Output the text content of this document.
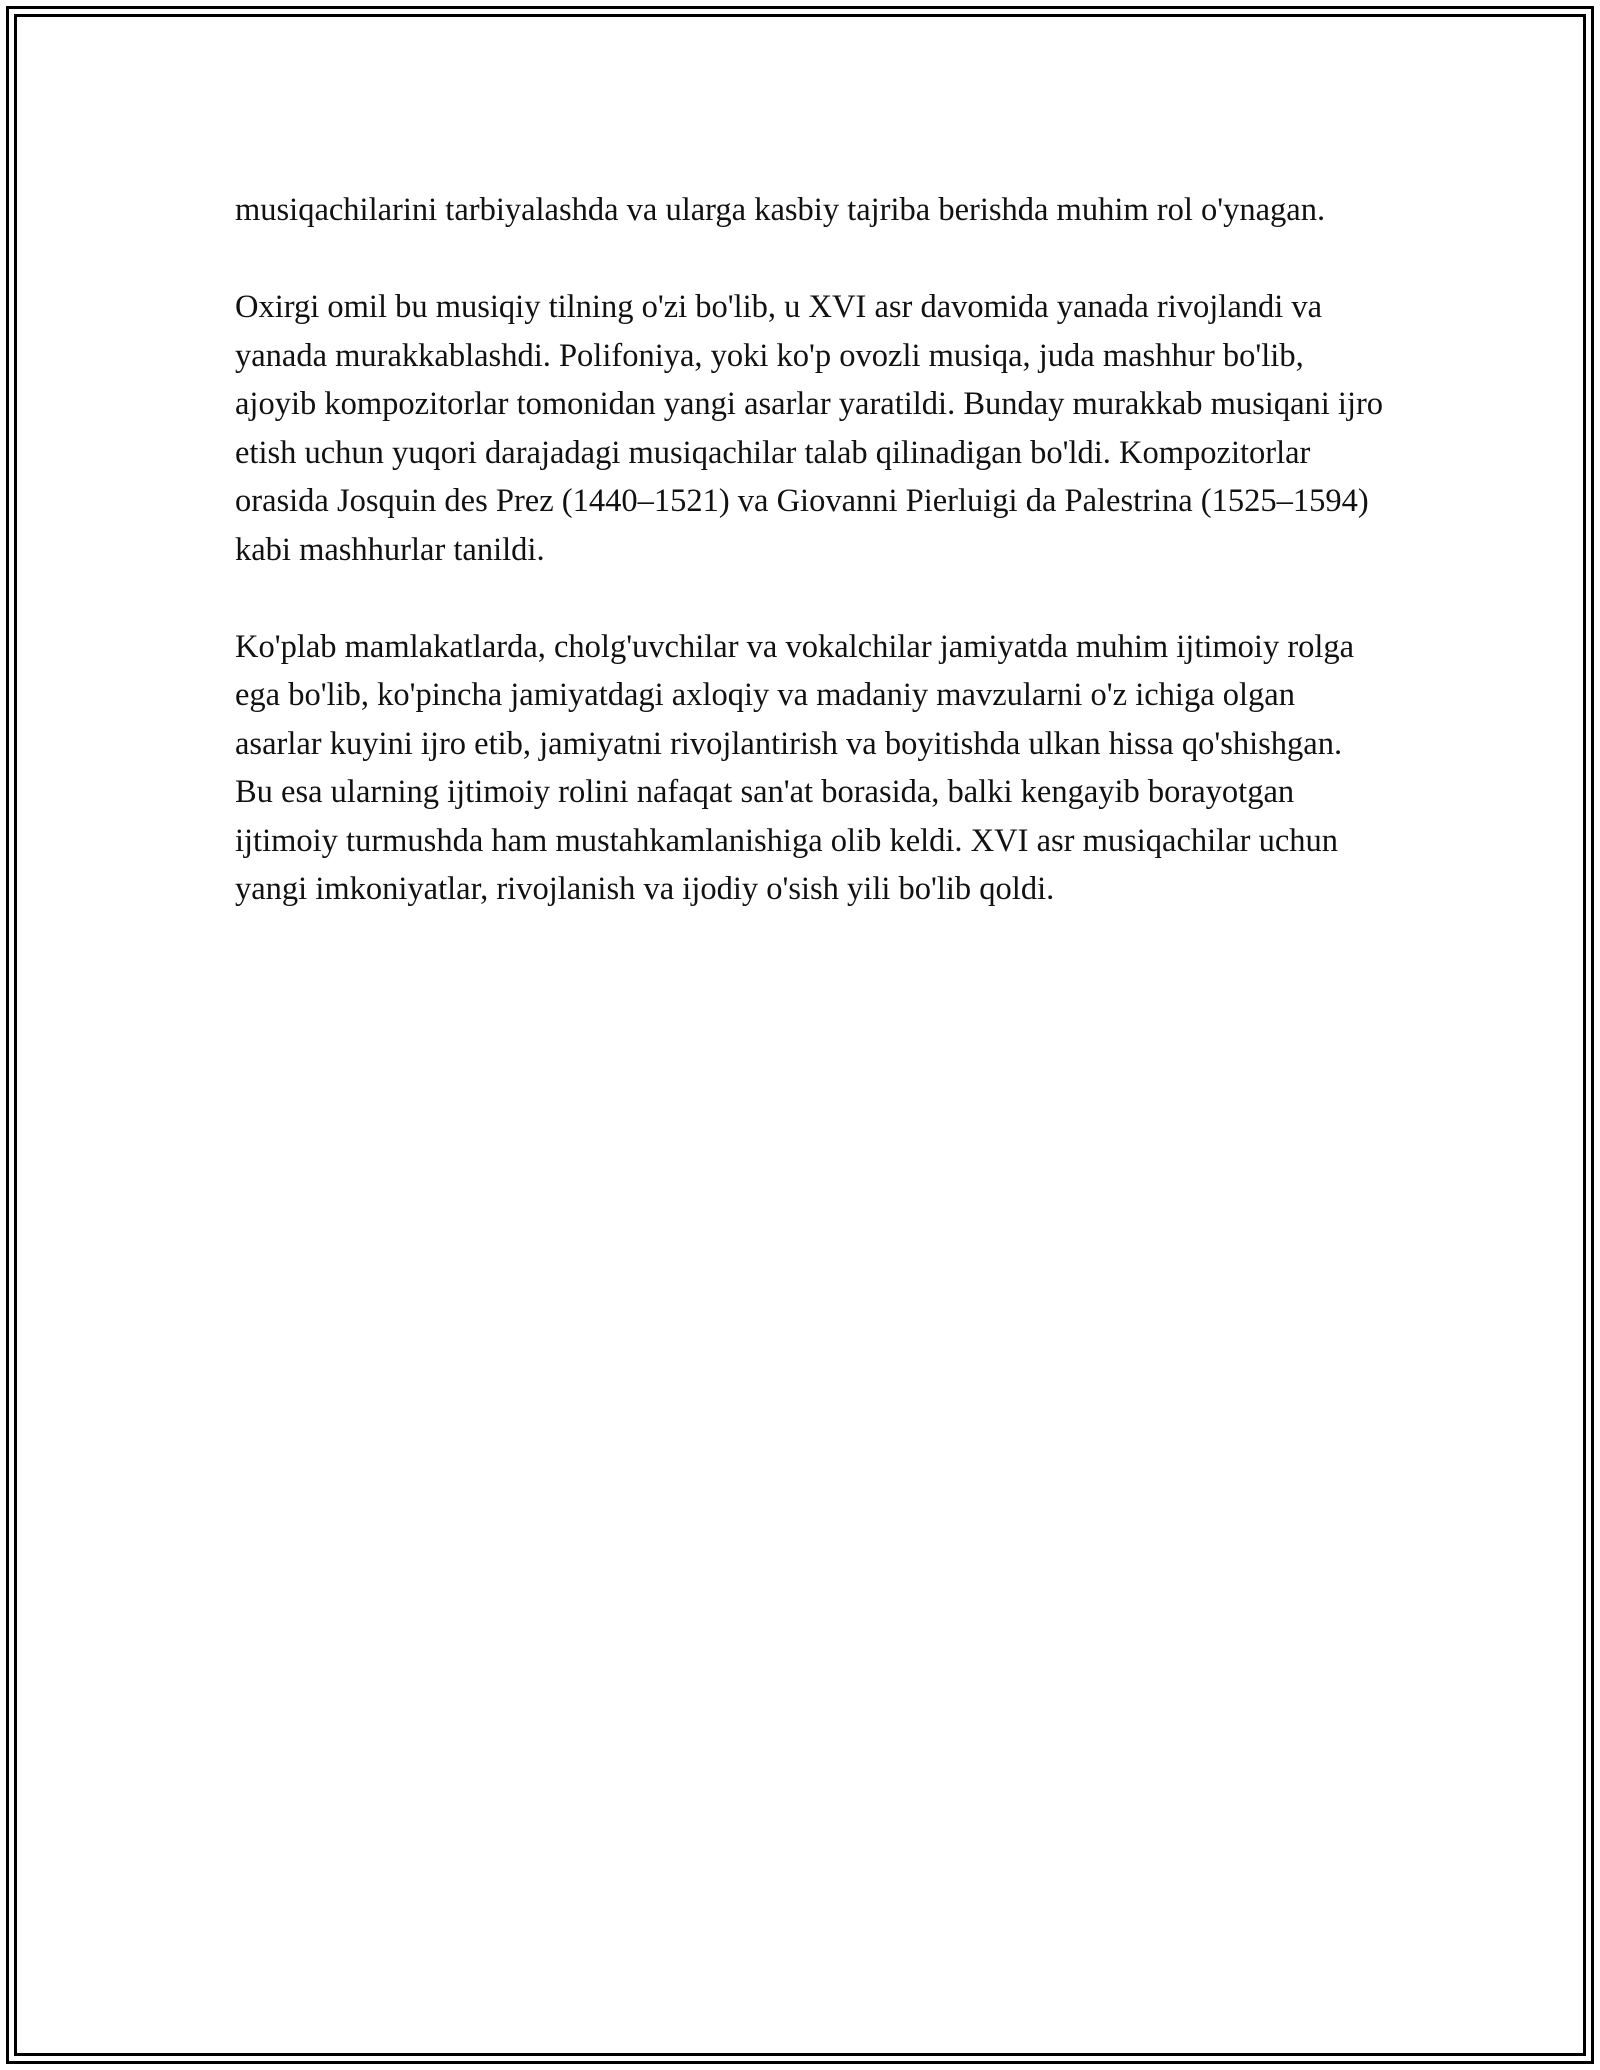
musiqachilarini tarbiyalashda va ularga kasbiy tajriba berishda muhim rol o'ynagan.

Oxirgi omil bu musiqiy tilning o'zi bo'lib, u XVI asr davomida yanada rivojlandi va yanada murakkablashdi. Polifoniya, yoki ko'p ovozli musiqa, juda mashhur bo'lib, ajoyib kompozitorlar tomonidan yangi asarlar yaratildi. Bunday murakkab musiqani ijro etish uchun yuqori darajadagi musiqachilar talab qilinadigan bo'ldi. Kompozitorlar orasida Josquin des Prez (1440–1521) va Giovanni Pierluigi da Palestrina (1525–1594) kabi mashhurlar tanildi.

Ko'plab mamlakatlarda, cholg'uvchilar va vokalchilar jamiyatda muhim ijtimoiy rolga ega bo'lib, ko'pincha jamiyatdagi axloqiy va madaniy mavzularni o'z ichiga olgan asarlar kuyini ijro etib, jamiyatni rivojlantirish va boyitishda ulkan hissa qo'shishgan. Bu esa ularning ijtimoiy rolini nafaqat san'at borasida, balki kengayib borayotgan ijtimoiy turmushda ham mustahkamlanishiga olib keldi. XVI asr musiqachilar uchun yangi imkoniyatlar, rivojlanish va ijodiy o'sish yili bo'lib qoldi.
